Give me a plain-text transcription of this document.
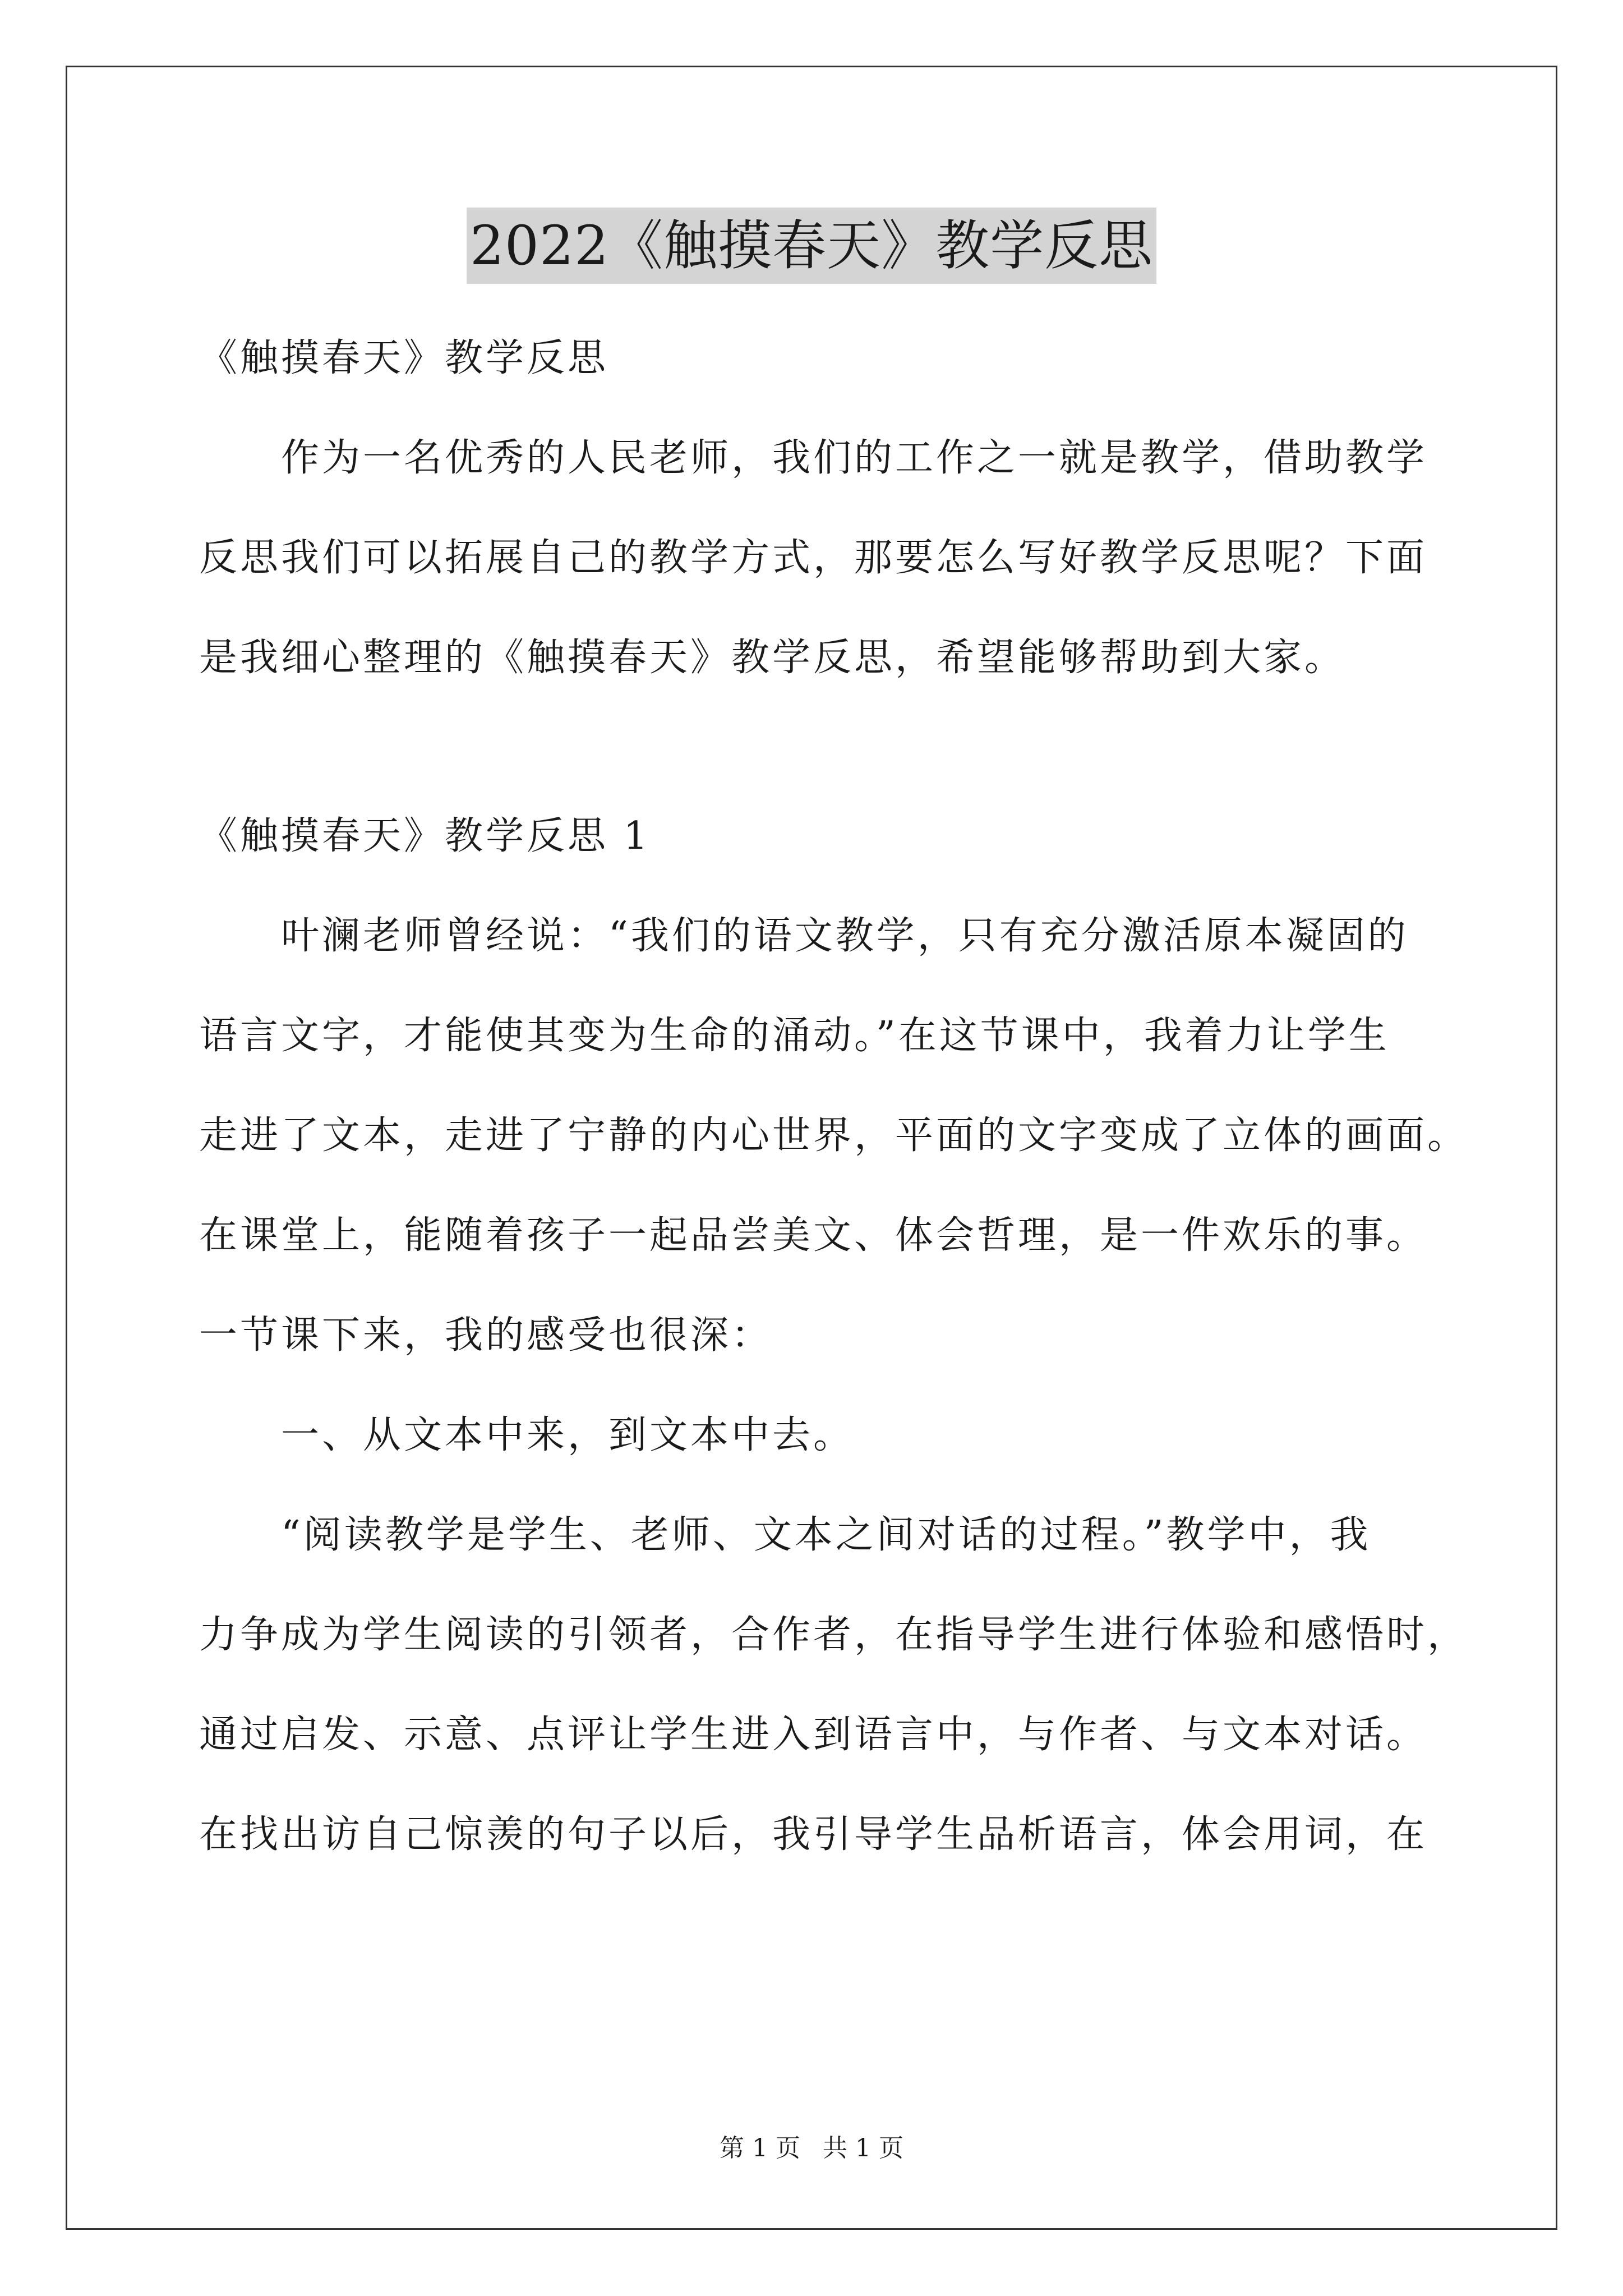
2022《触摸春天》教学反思
《触摸春天》教学反思
作为一名优秀的人民老师，我们的工作之一就是教学，借助教学
反思我们可以拓展自己的教学方式，那要怎么写好教学反思呢？下面
是我细心整理的《触摸春天》教学反思，希望能够帮助到大家。
《触摸春天》教学反思 1
叶澜老师曾经说：“我们的语文教学，只有充分激活原本凝固的
语言文字，才能使其变为生命的涌动。”在这节课中，我着力让学生
走进了文本，走进了宁静的内心世界，平面的文字变成了立体的画面。
在课堂上，能随着孩子一起品尝美文、体会哲理，是一件欢乐的事。
一节课下来，我的感受也很深：
一、从文本中来，到文本中去。
“阅读教学是学生、老师、文本之间对话的过程。”教学中，我
力争成为学生阅读的引领者，合作者，在指导学生进行体验和感悟时，
通过启发、示意、点评让学生进入到语言中，与作者、与文本对话。
在找出访自己惊羡的句子以后，我引导学生品析语言，体会用词，在
第 1 页 共 1 页
